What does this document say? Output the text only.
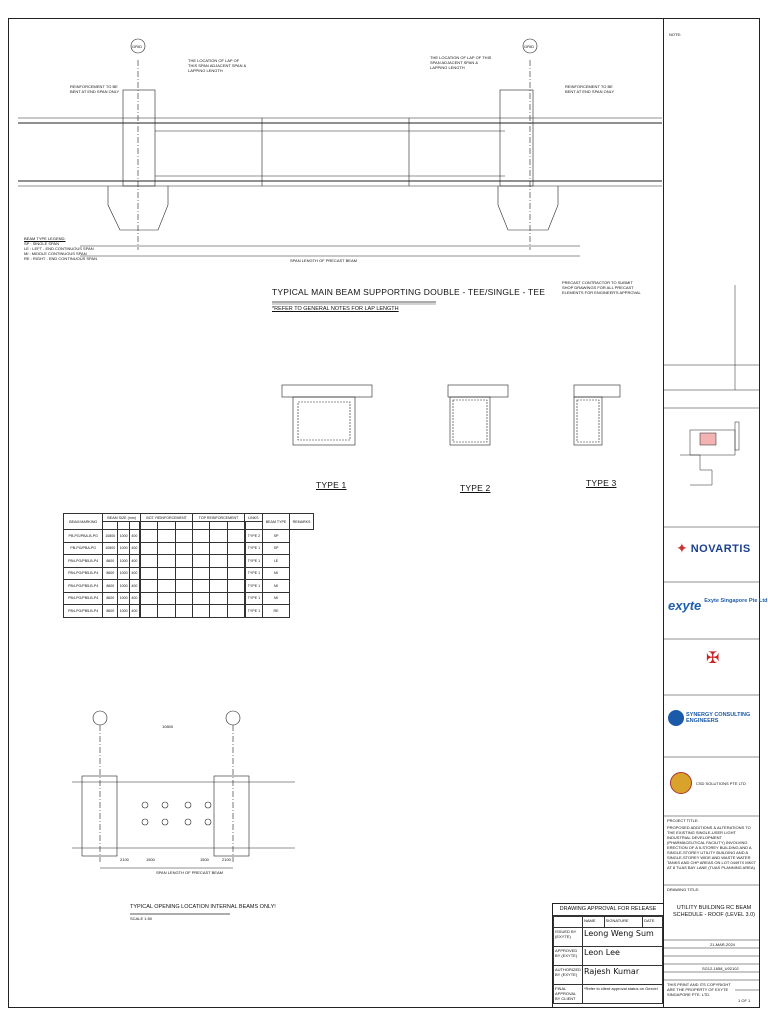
NOTE:
GRID	GRID
REINFORCEMENT TO BE BENT AT END SPAN ONLY
REINFORCEMENT TO BE BENT AT END SPAN ONLY
THE LOCATION OF LAP OF THIS SPAN ADJACENT SPAN & LAPPING LENGTH
THE LOCATION OF LAP OF THIS SPAN ADJACENT SPAN & LAPPING LENGTH
SPAN LENGTH OF PRECAST BEAM
SPAN LENGTH OF PRECAST BEAM
BEAM TYPE LEGEND:
SP : SINGLE SPAN
LE : LEFT - END CONTINUOUS SPAN
MI : MIDDLE CONTINUOUS SPAN
RE : RIGHT - END CONTINUOUS SPAN
TYPICAL MAIN BEAM SUPPORTING DOUBLE - TEE/SINGLE - TEE
*REFER TO GENERAL NOTES FOR LAP LENGTH
PRECAST CONTRACTOR TO SUBMIT SHOP DRAWINGS FOR ALL PRECAST ELEMENTS FOR ENGINEER'S APPROVAL
TYPE 1	TYPE 2	TYPE 3
BEAM MARKING	BEAM SIZE (mm)			BOT. REINFORCEMENT			TOP REINFORCEMENT			LINKS	BEAM TYPE	REMARKS

PB-PG/PBA-B-PG	10800	1000	400									TYPE 2	SP	
PB-PG/PBA-PG	10800	1000	400									TYPE 1	SP	
PB4-PG/PB5-B-P4	8600	1000	400									TYPE 1	LE	
PB4-PG/PB5-B-P4	8600	1000	400									TYPE 1	MI	
PB4-PG/PB5-B-P4	8600	1000	400									TYPE 1	MI	
PB4-PG/PB5-B-P4	8600	1000	400									TYPE 1	MI	
PB4-PG/PB5-B-P4	8600	1000	400									TYPE 1	RE	
10800
2100	1500	1500	2100
TYPICAL OPENING LOCATION INTERNAL BEAMS ONLY!
SCALE 1:50
DRAWING APPROVAL FOR RELEASE
	NAME	SIGNATURE	DATE
ISSUED BY (EXYTE)	Leong Weng Sum		
APPROVED BY (EXYTE)	Leon Lee		
AUTHORIZED BY (EXYTE)	Rajesh Kumar		
FINAL APPROVAL BY CLIENT	*Refer to client approval status on Gexcel		
✦ NOVARTIS
exyte Exyte Singapore Pte Ltd
✠
SYNERGY CONSULTING ENGINEERS
CSD SOLUTIONS PTE LTD
PROJECT TITLE:
PROPOSED ADDITIONS & ALTERATIONS TO THE EXISTING SINGLE-USER LIGHT INDUSTRIAL DEVELOPMENT (PHARMACEUTICAL FACILITY) INVOLVING ERECTION OF A 5-STOREY BUILDING AND A SINGLE-STOREY UTILITY BUILDING AND A SINGLE-STOREY WIDE AND WASTE WATER TANKS AND CHP AREAS ON LOT 04497X MK07 AT 8 TUAS BAY LANE (TUAS PLANNING AREA)
DRAWING TITLE:
UTILITY BUILDING RC BEAM SCHEDULE - ROOF (LEVEL 3.0)
21-MAR-2024
SG12-1658_U02102
THIS PRINT AND ITS COPYRIGHT ARE THE PROPERTY OF EXYTE SINGAPORE PTE. LTD.
1 OF 1
